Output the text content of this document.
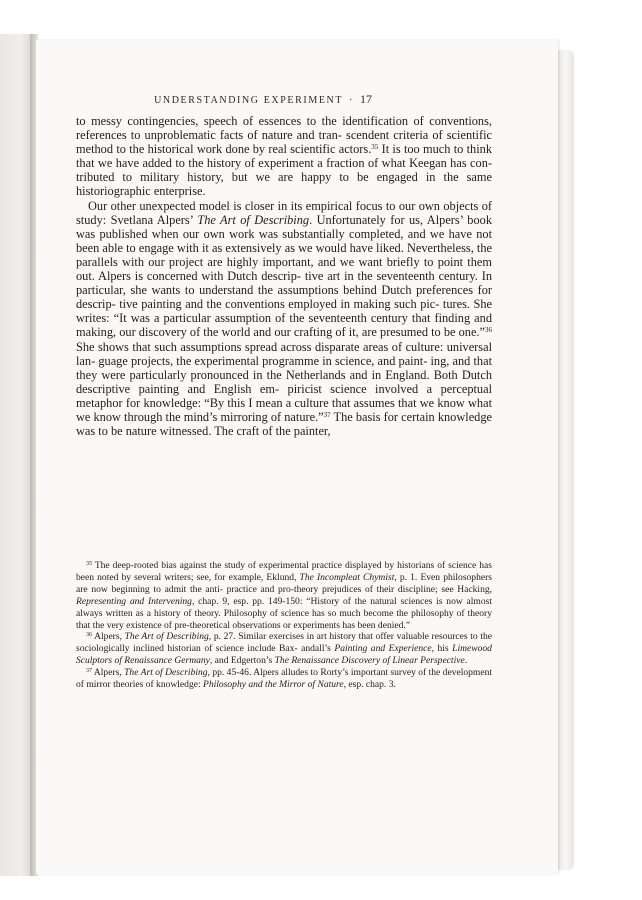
UNDERSTANDING EXPERIMENT · 17

to messy contingencies, speech of essences to the identification of conventions, references to unproblematic facts of nature and tran- scendent criteria of scientific method to the historical work done by real scientific actors.$^{35}$ It is too much to think that we have added to the history of experiment a fraction of what Keegan has con- tributed to military history, but we are happy to be engaged in the same historiographic enterprise.

Our other unexpected model is closer in its empirical focus to our own objects of study: Svetlana Alpers’ The Art of Describing. Unfortunately for us, Alpers’ book was published when our own work was substantially completed, and we have not been able to engage with it as extensively as we would have liked. Nevertheless, the parallels with our project are highly important, and we want briefly to point them out. Alpers is concerned with Dutch descrip- tive art in the seventeenth century. In particular, she wants to understand the assumptions behind Dutch preferences for descrip- tive painting and the conventions employed in making such pic- tures. She writes: “It was a particular assumption of the seventeenth century that finding and making, our discovery of the world and our crafting of it, are presumed to be one.”$^{36}$ She shows that such assumptions spread across disparate areas of culture: universal lan- guage projects, the experimental programme in science, and paint- ing, and that they were particularly pronounced in the Netherlands and in England. Both Dutch descriptive painting and English em- piricist science involved a perceptual metaphor for knowledge: “By this I mean a culture that assumes that we know what we know through the mind’s mirroring of nature.”$^{37}$ The basis for certain knowledge was to be nature witnessed. The craft of the painter,

$^{35}$ The deep-rooted bias against the study of experimental practice displayed by historians of science has been noted by several writers; see, for example, Eklund, The Incompleat Chymist, p. 1. Even philosophers are now beginning to admit the anti- practice and pro-theory prejudices of their discipline; see Hacking, Representing and Intervening, chap. 9, esp. pp. 149-150: “History of the natural sciences is now almost always written as a history of theory. Philosophy of science has so much become the philosophy of theory that the very existence of pre-theoretical observations or experiments has been denied.”

$^{36}$ Alpers, The Art of Describing, p. 27. Similar exercises in art history that offer valuable resources to the sociologically inclined historian of science include Bax- andall’s Painting and Experience, his Limewood Sculptors of Renaissance Germany, and Edgerton’s The Renaissance Discovery of Linear Perspective.

$^{37}$ Alpers, The Art of Describing, pp. 45-46. Alpers alludes to Rorty’s important survey of the development of mirror theories of knowledge: Philosophy and the Mirror of Nature, esp. chap. 3.
